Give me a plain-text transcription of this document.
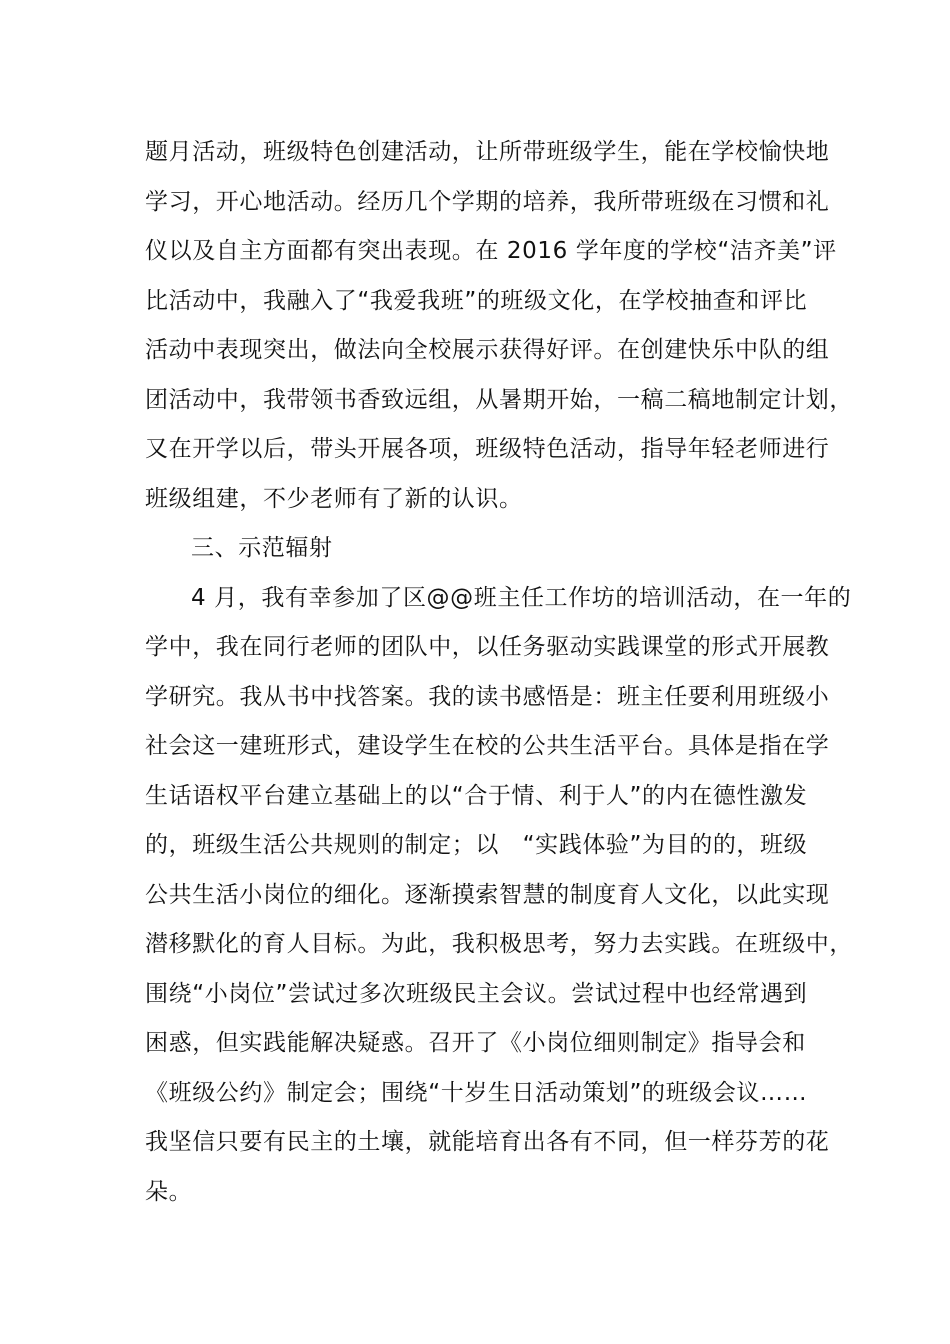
题月活动，班级特色创建活动，让所带班级学生，能在学校愉快地
学习，开心地活动。经历几个学期的培养，我所带班级在习惯和礼
仪以及自主方面都有突出表现。在 2016 学年度的学校“洁齐美”评
比活动中，我融入了“我爱我班”的班级文化，在学校抽查和评比
活动中表现突出，做法向全校展示获得好评。在创建快乐中队的组
团活动中，我带领书香致远组，从暑期开始，一稿二稿地制定计划，
又在开学以后，带头开展各项，班级特色活动，指导年轻老师进行
班级组建，不少老师有了新的认识。
三、示范辐射
4 月，我有幸参加了区@@班主任工作坊的培训活动，在一年的
学中，我在同行老师的团队中，以任务驱动实践课堂的形式开展教
学研究。我从书中找答案。我的读书感悟是：班主任要利用班级小
社会这一建班形式，建设学生在校的公共生活平台。具体是指在学
生话语权平台建立基础上的以“合于情、利于人”的内在德性激发
的，班级生活公共规则的制定；以　“实践体验”为目的的，班级
公共生活小岗位的细化。逐渐摸索智慧的制度育人文化，以此实现
潜移默化的育人目标。为此，我积极思考，努力去实践。在班级中，
围绕“小岗位”尝试过多次班级民主会议。尝试过程中也经常遇到
困惑，但实践能解决疑惑。召开了《小岗位细则制定》指导会和
《班级公约》制定会；围绕“十岁生日活动策划”的班级会议……
我坚信只要有民主的土壤，就能培育出各有不同，但一样芬芳的花
朵。
